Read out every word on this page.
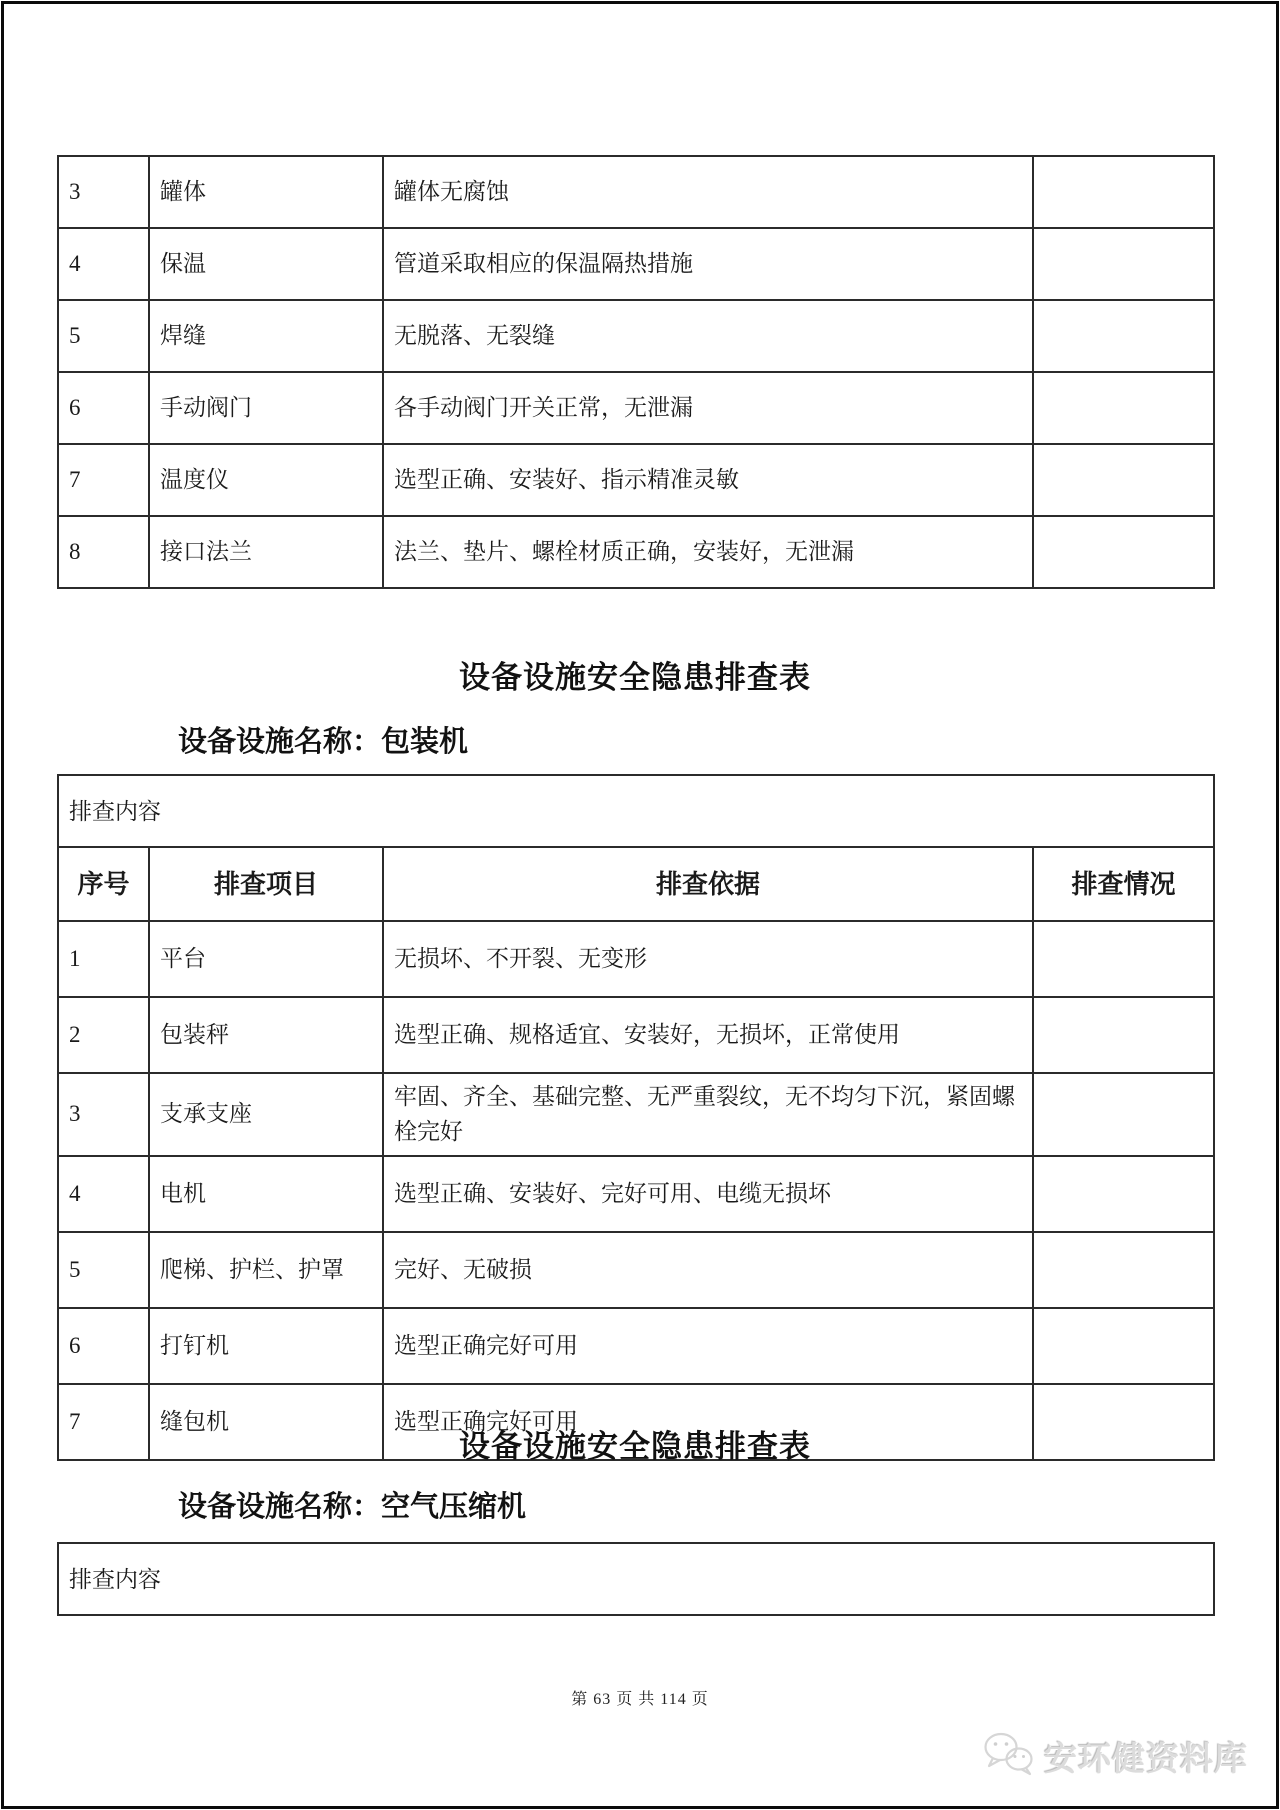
3	罐体	罐体无腐蚀	
4	保温	管道采取相应的保温隔热措施	
5	焊缝	无脱落、无裂缝	
6	手动阀门	各手动阀门开关正常，无泄漏	
7	温度仪	选型正确、安装好、指示精准灵敏	
8	接口法兰	法兰、垫片、螺栓材质正确，安装好，无泄漏	
设备设施安全隐患排查表
设备设施名称：包装机
排查内容			
序号	排查项目	排查依据	排查情况
1	平台	无损坏、不开裂、无变形	
2	包装秤	选型正确、规格适宜、安装好，无损坏，正常使用	
3	支承支座	牢固、齐全、基础完整、无严重裂纹，无不均匀下沉，紧固螺栓完好	
4	电机	选型正确、安装好、完好可用、电缆无损坏	
5	爬梯、护栏、护罩	完好、无破损	
6	打钉机	选型正确完好可用	
7	缝包机	选型正确完好可用	
设备设施安全隐患排查表
设备设施名称：空气压缩机
排查内容
第 63 页 共 114 页
安环健资料库
